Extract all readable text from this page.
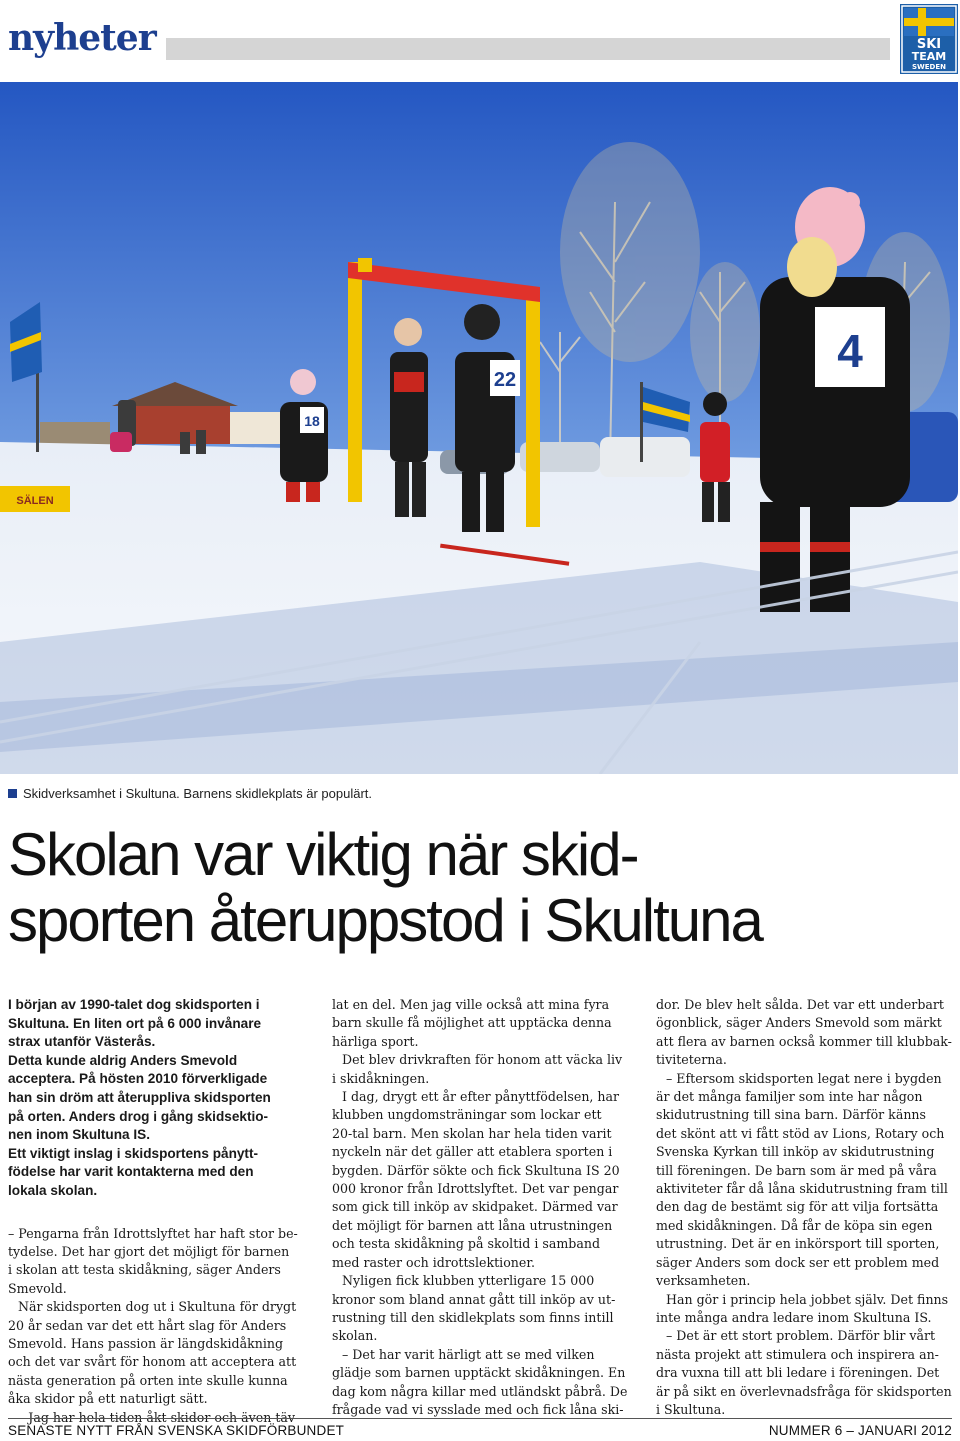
nyheter	SKI
TEAM
SWEDEN
SÄLEN
22
18
4
Skidverksamhet i Skultuna. Barnens skidlekplats är populärt.
Skolan var viktig när skid-
sporten återuppstod i Skultuna

I början av 1990-talet dog skidsporten i

Skultuna. En liten ort på 6 000 invånare

strax utanför Västerås.

Detta kunde aldrig Anders Smevold

acceptera. På hösten 2010 förverkligade

han sin dröm att återuppliva skidsporten

på orten. Anders drog i gång skidsektio-

nen inom Skultuna IS.

Ett viktigt inslag i skidsportens pånytt-

födelse har varit kontakterna med den

lokala skolan.

– Pengarna från Idrottslyftet har haft stor be-

tydelse. Det har gjort det möjligt för barnen

i skolan att testa skidåkning, säger Anders

Smevold.

När skidsporten dog ut i Skultuna för drygt

20 år sedan var det ett hårt slag för Anders

Smevold. Hans passion är längdskidåkning

och det var svårt för honom att acceptera att

nästa generation på orten inte skulle kunna

åka skidor på ett naturligt sätt.

lat en del. Men jag ville också att mina fyra

barn skulle få möjlighet att upptäcka denna

härliga sport.

Det blev drivkraften för honom att väcka liv

i skidåkningen.

I dag, drygt ett år efter pånyttfödelsen, har

klubben ungdomsträningar som lockar ett

20-tal barn. Men skolan har hela tiden varit

nyckeln när det gäller att etablera sporten i

bygden. Därför sökte och fick Skultuna IS 20

000 kronor från Idrottslyftet. Det var pengar

som gick till inköp av skidpaket. Därmed var

det möjligt för barnen att låna utrustningen

och testa skidåkning på skoltid i samband

med raster och idrottslektioner.

Nyligen fick klubben ytterligare 15 000

kronor som bland annat gått till inköp av ut-

rustning till den skidlekplats som finns intill

skolan.

– Det har varit härligt att se med vilken

glädje som barnen upptäckt skidåkningen. En

dag kom några killar med utländskt påbrå. De

frågade vad vi sysslade med och fick låna ski-

dor. De blev helt sålda. Det var ett underbart

ögonblick, säger Anders Smevold som märkt

att flera av barnen också kommer till klubbak-

tiviteterna.

– Eftersom skidsporten legat nere i bygden

är det många familjer som inte har någon

skidutrustning till sina barn. Därför känns

det skönt att vi fått stöd av Lions, Rotary och

Svenska Kyrkan till inköp av skidutrustning

till föreningen. De barn som är med på våra

aktiviteter får då låna skidutrustning fram till

den dag de bestämt sig för att vilja fortsätta

med skidåkningen. Då får de köpa sin egen

utrustning. Det är en inkörsport till sporten,

säger Anders som dock ser ett problem med

verksamheten.

Han gör i princip hela jobbet själv. Det finns

inte många andra ledare inom Skultuna IS.

– Det är ett stort problem. Därför blir vårt

nästa projekt att stimulera och inspirera an-

dra vuxna till att bli ledare i föreningen. Det

är på sikt en överlevnadsfråga för skidsporten

i Skultuna.

SENASTE NYTT FRÅN SVENSKA SKIDFÖRBUNDET	NUMMER 6 – JANUARI 2012
